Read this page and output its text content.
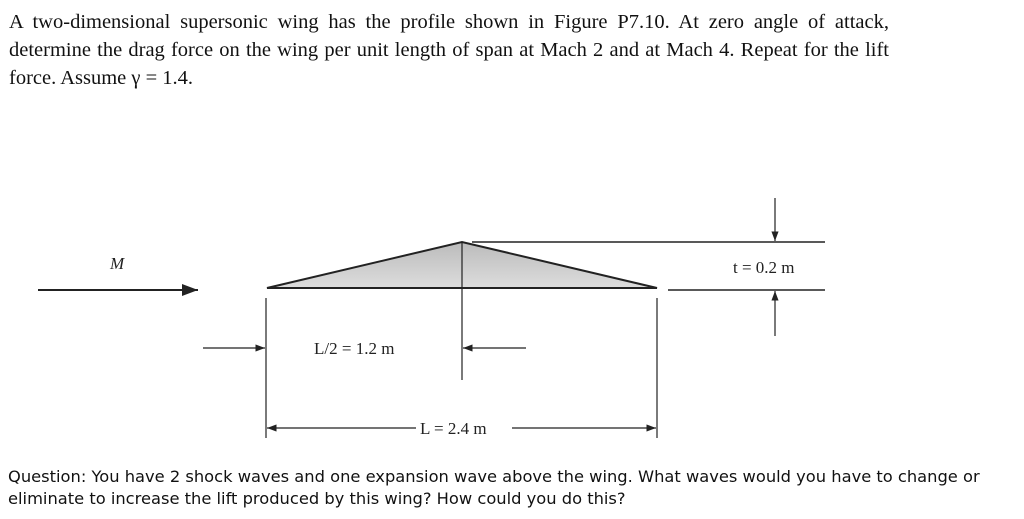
A two-dimensional supersonic wing has the profile shown in Figure P7.10. At zero angle of attack, determine the drag force on the wing per unit length of span at Mach 2 and at Mach 4. Repeat for the lift force. Assume γ = 1.4.
M	t = 0.2 m
L/2 = 1.2 m
L = 2.4 m
Question: You have 2 shock waves and one expansion wave above the wing. What waves would you have to change or eliminate to increase the lift produced by this wing? How could you do this?
